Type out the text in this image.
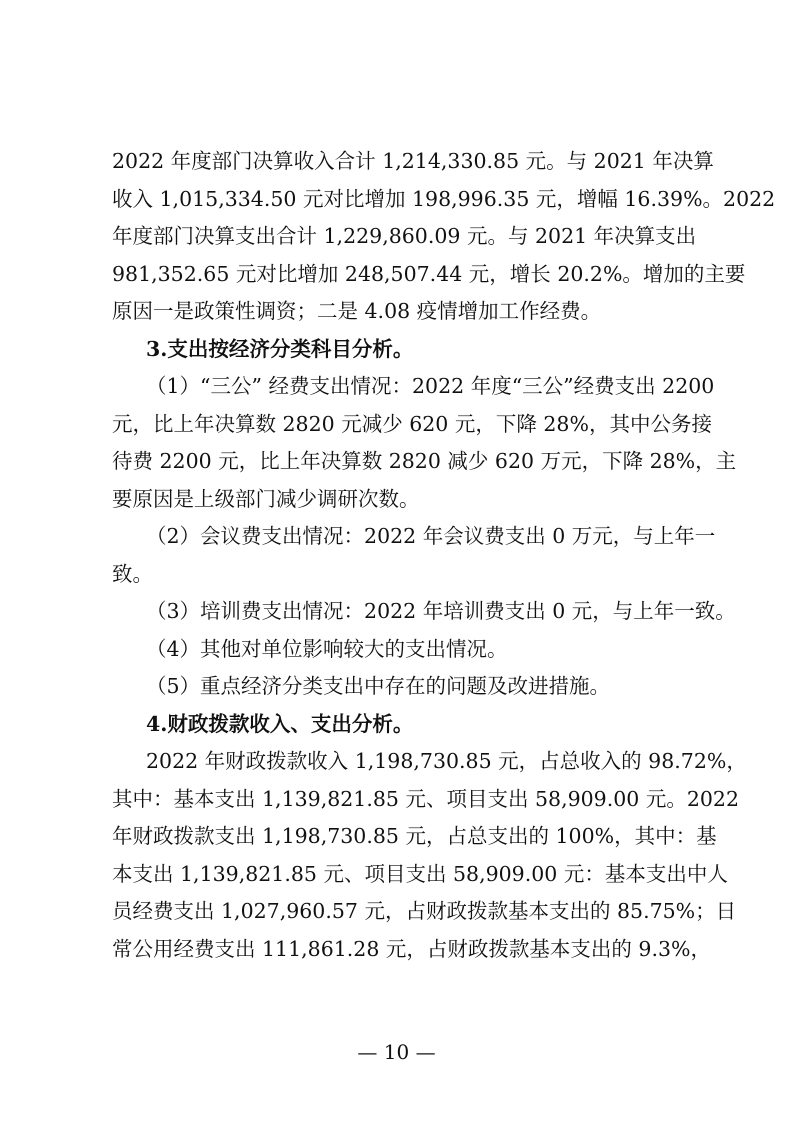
2022 年度部门决算收入合计 1,214,330.85 元。与 2021 年决算
收入 1,015,334.50 元对比增加 198,996.35 元，增幅 16.39%。2022
年度部门决算支出合计 1,229,860.09 元。与 2021 年决算支出
981,352.65 元对比增加 248,507.44 元，增长 20.2%。增加的主要
原因一是政策性调资；二是 4.08 疫情增加工作经费。
3.支出按经济分类科目分析。
（1）“三公” 经费支出情况：2022 年度“三公”经费支出 2200
元，比上年决算数 2820 元减少 620 元，下降 28%，其中公务接
待费 2200 元，比上年决算数 2820 减少 620 万元，下降 28%，主
要原因是上级部门减少调研次数。
（2）会议费支出情况：2022 年会议费支出 0 万元，与上年一
致。
（3）培训费支出情况：2022 年培训费支出 0 元，与上年一致。
（4）其他对单位影响较大的支出情况。
（5）重点经济分类支出中存在的问题及改进措施。
4.财政拨款收入、支出分析。
2022 年财政拨款收入 1,198,730.85 元，占总收入的 98.72%，
其中：基本支出 1,139,821.85 元、项目支出 58,909.00 元。2022
年财政拨款支出 1,198,730.85 元，占总支出的 100%，其中：基
本支出 1,139,821.85 元、项目支出 58,909.00 元：基本支出中人
员经费支出 1,027,960.57 元，占财政拨款基本支出的 85.75%；日
常公用经费支出 111,861.28 元，占财政拨款基本支出的 9.3%，
— 10 —
